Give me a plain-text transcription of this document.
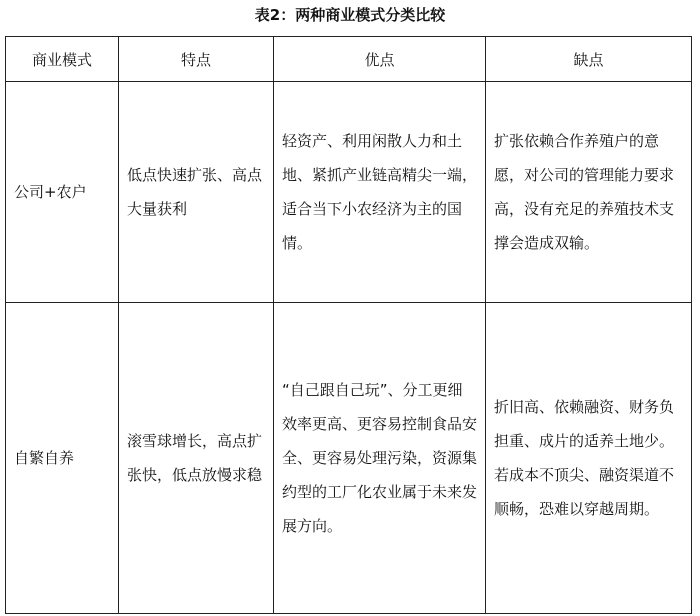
表2：两种商业模式分类比较
商业模式	特点	优点	缺点

公司+农户	低点快速扩张、高点大量获利	轻资产、利用闲散人力和土地、紧抓产业链高精尖一端，适合当下小农经济为主的国情。	扩张依赖合作养殖户的意愿，对公司的管理能力要求高，没有充足的养殖技术支撑会造成双输。

自繁自养	滚雪球增长，高点扩张快，低点放慢求稳	“自己跟自己玩”、分工更细效率更高、更容易控制食品安全、更容易处理污染，资源集约型的工厂化农业属于未来发展方向。	折旧高、依赖融资、财务负担重、成片的适养土地少。若成本不顶尖、融资渠道不顺畅，恐难以穿越周期。
